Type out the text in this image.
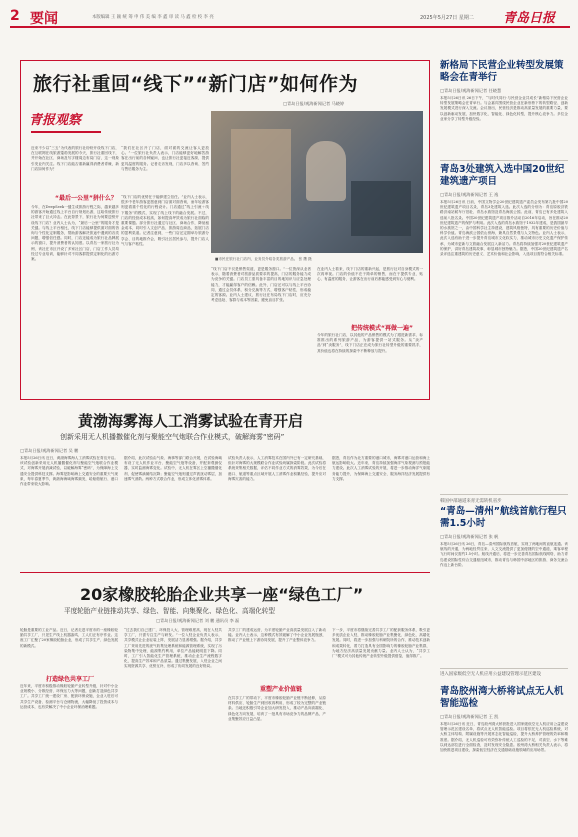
2 要闻	本版编辑 王 颖 统 筹 申 伟 美 编 李 鑫 审 读 马 鑫 检 校 李 亮	2025年5月27日 星期二 青岛日报
旅行社重回“线下”“新门店”如何作为
□青岛日报/观海新闻记者 马晓婷
青报观察
近来不少以“三五”为代表的旅行社纷纷开设线下门店，在互联网在线旅游蓬勃发展的今天，旅行社重回线下，并开始在社区、商场及写字楼周边布局门店，这一现象引发业内关注。线下门店能否重新赢得消费者青睐，新门店如何作为？
“我们在社区开了门店，面对面的交流让客人更放心。”一位旅行社负责人表示，门店能够更好地解答游客在出行前的各种疑问，也让旅行社更接近客源，提供更具温度的服务。记者走访发现，门店多以咨询、签约与售后服务为主。
“最后一公里”拼什么？
今年，在DeepSeek一键生成旅游行程之际，越来越多的游客开始通过线上平台自行规划出游，这给传统旅行社带来了巨大冲击。在此背景下，旅行社为何要逆势开设线下门店？业内人士认为，“最后一公里”的服务才是关键。与线上平台相比，线下门店能够提供面对面的咨询与个性化定制服务，帮助游客解决旅途中遇到的各类问题，增强信任感。同时，门店还能成为旅行社品牌展示的窗口，提升消费者的认知度。以青岛一家旅行社为例，该社在市区开设了多家社区门店，门店工作人员均经过专业培训，能够针对不同客群提供定制化的出游方案。
“线下门店的优势在于能够建立信任。”业内人士表示，很多中老年游客更愿意到门店面对面咨询，而年轻游客则更看重个性化的行程设计。门店通过“线上引流＋线下服务”的模式，实现了线上线下的融合发展。不过，门店的经营成本较高，如何提高坪效成为旅行社面临的重要课题。部分旅行社通过与社区、商场合作，降低租金成本，同时引入文创产品、旅游周边商品，拓展门店的盈利渠道。记者注意到，一些门店还定期举办旅游分享会、目的地推介会，吸引社区居民参与，提升门店人气与客户粘性。
■市民在旅行社门店内，业务员介绍各类旅游产品。 张 鹰 摄
“线下门店不仅是销售渠道，更是服务窗口。”一位资深从业者表示，随着消费者对旅游品质要求的提高，门店的服务能力成为竞争的关键。门店员工需具备丰富的目的地知识与应急处理能力，才能赢得客户的信赖。此外，门店还可以与线上平台协同，通过会员体系、积分兑换等方式，增强客户粘性，形成稳定的客源。业内人士建议，旅行社在布局线下门店时，应充分考虑选址、客群与成本等因素，避免盲目扩张。
把传统模式“再做一遍”
在业内人士看来，线下门店的重新兴起，是旅行社对自身模式的一次再审视。门店的价值不在于简单的销售，而在于提供专业、贴心、有温度的服务，让游客在出行前后都能感受到安心与便利。
今年的旅行社门店，以其他的产品销售的模式为了跟进新需求、标准推出的系列旅游产品，为游客提供一站式服务。从“卖产品”到“卖服务”，线下门店正在成为旅行社转型升级的重要抓手，其价值也将在持续的探索中不断释放与提升。
新格局下民营企业转型发展策略会在青举行
□青岛日报/观海新闻记者 任晓慧
本报5月26日讯 26日下午，“与时代同行·与民营企业共成长”新格局下民营企业转型发展策略会在青举行。与会嘉宾围绕民营企业在新形势下的转型路径、创新发展模式进行深入交流。会议指出，民营经济是推动高质量发展的重要力量，要以创新驱动发展，加快数字化、智能化、绿色化转型，提升核心竞争力。多位企业家分享了转型升级经验。
青岛3处建筑入选中国20世纪建筑遗产项目
□青岛日报/观海新闻记者 王 逸
本报5月26日讯 日前，中国文物学会20世纪建筑遗产委员会发布第九批中国20世纪建筑遗产项目名录，青岛3处建筑入选。此次入选的分别为：青岛原胶济铁路济南站候车厅旧址、青岛水族馆及青岛海滨公园。此前，青岛已有多处建筑入选前八批名录。中国20世纪建筑遗产项目推介活动自2016年启动，旨在推动20世纪建筑遗产的保护与利用。此次入选的青岛水族馆于1932年建成，是我国最早的水族馆之一，由中国科学社主持建设，建筑风格独特，具有重要的历史价值与科学价值。青岛海滨公园依山傍海，兼具自然景观与人文特色。业内人士表示，此次入选有助于进一步提升青岛城市文化软实力，推动城市历史文化遗产保护传承，为城市更新与文旅融合发展注入新活力。青岛将持续加强对20世纪建筑遗产的保护，讲好青岛建筑故事，彰显城市独特魅力。据悉，中国20世纪建筑遗产名录评选注重建筑的历史意义、艺术价值和社会影响，入选项目需符合相关标准。
韩国中部通道来青无需转机省步
“青岛—清州”航线首航行程只需1.5小时
□青岛日报/观海新闻记者 张 帆
本报5月26日讯 26日，青岛—清州国际航线首航，实现了两地间的直航连通。该航线的开通，为两地经贸往来、人文交流提供了更加便捷的空中通道，乘客单程飞行时间仅需约1.5小时。航线开通后，将进一步完善青岛国际航线网络，助力青岛建设国际性综合交通枢纽城市，推动青岛与韩国中部地区的旅游、商务交流合作迈上新台阶。
进入国家级低空无人机应用公益建设管理示范区建设
青岛胶州湾大桥将试点无人机智能巡检
□青岛日报/观海新闻记者 王 凯
本报5月26日讯 近日，青岛胶州湾大桥获批进入国家级低空无人机应用公益建设管理示范区建设名单，将试点无人机智能巡检。项目将依托无人机巡检系统，对大桥主体结构、附属设施等开展常态化智能巡检，提升大桥养护管理的效率和精准度。据介绍，无人机巡检可有效弥补传统人工巡检的不足，对高空、水下等难以到达部位进行全面检查，及时发现安全隐患。胶州湾大桥相关负责人表示，将加快推进项目建设，探索低空经济在交通基础设施领域的应用场景。
黄渤海雾海人工消雾试验在青开启
创新采用无人机播撒催化剂与聚能空气炮联合作业模式，破解海雾“密码”
□青岛日报/观海新闻记者 吴 鹏
本报5月26日讯 近日，黄渤海雾海人工消雾试验在青岛开启。该试验创新采用无人机播撒催化剂与聚能空气炮联合作业模式，对海雾开展消减试验，以破解海雾“密码”，为保障海上交通安全提供科技支撑。海雾是影响海上交通安全的重要天气现象，每年春夏季节，黄渤海海域海雾频发，给船舶航行、港口作业带来较大影响。
据介绍，此次试验由气象、海事等部门联合开展，在试验海域布设了无人机作业平台、聚能空气炮等设备，并配套观测仪器，实时监测海雾变化。试验中，无人机在雾区上空播撒催化剂，促使雾滴凝结沉降；聚能空气炮则通过声波扰动雾层，加速雾气消散。两种方式联合作业，形成立体化消雾体系。
试验负责人表示，人工消雾技术在国内外已有一定研究基础，但针对海雾的大规模联合作业试验尚属探索阶段。此次试验将系统采集相关数据，评估不同作业方式的消雾效果，为今后在港口、航道等重点区域开展人工消雾作业积累经验，提升应对海雾灾害的能力。
据悉，青岛作为北方重要的港口城市，海雾对港口运营和海上航运影响较大。近年来，青岛持续加强海洋气象观测与预报能力建设。此次人工消雾试验的开展，将进一步推动海洋气象服务能力提升，为保障海上交通安全、服务海洋经济发展提供有力支撑。
20家橡胶轮胎企业共享一座“绿色工厂”
平度轮胎产业链推动共享、绿色、智能、向集聚化、绿色化、高端化转型
□青岛日报/观海新闻记者 刘 鹏 通讯员 李 磊
轮胎是重要的工业产品。近日，记者走进平度市的一座橡胶轮胎共享工厂，只见生产线上机器轰鸣，工人们正有序作业。这座工厂汇聚了20家橡胶轮胎企业，形成了共享生产、绿色发展的新模式。
打造绿色共享工厂
近年来，平度市积极推动橡胶轮胎产业转型升级，针对中小企业规模小、分散经营、环保压力大等问题，创新打造绿色共享工厂。共享工厂统一建设厂房、配套环保设施，企业入驻后可共享生产设备、检测平台与仓储物流，大幅降低了投资成本与运营成本，也有效解决了中小企业环保治理难题。
“过去我们自己建厂，环保投入大、管理难度高，现在入驻共享工厂，只需专注生产与研发。”一位入驻企业负责人表示，共享模式让企业轻装上阵，发展活力显著增强。据介绍，共享工厂采用先进的废气收集处理系统和能源管理系统，实现了污染物集中处理、能源集约利用，单位产品能耗明显下降。同时，工厂引入智能化生产管理系统，推动企业生产流程数字化，提高生产效率和产品质量。通过集聚发展，入驻企业之间实现资源共享、优势互补，形成了协同发展的良好格局。
重塑产业价值链
共享工厂的建成运营，为平度轮胎产业高质量发展注入了新动能。业内人士表示，这种模式有效破解了中小企业发展瓶颈，推动了产业链上下游协同发展，提升了产业整体竞争力。
在共享工厂的带动下，平度市橡胶轮胎产业链不断延伸，从原材料供应、轮胎生产到回收再利用，形成了较为完整的产业链条。当地还积极引导企业加大研发投入，推动产品向高端化、绿色化方向发展，培育了一批具有市场竞争力的品牌产品，产业集聚效应日益凸显。
下一步，平度市将继续完善共享工厂的配套服务体系，吸引更多优质企业入驻，推动橡胶轮胎产业集聚化、绿色化、高端化发展。同时，将进一步加强与科研院所的合作，推动技术创新和成果转化，着力打造具有全国影响力的橡胶轮胎产业集群，为地方经济高质量发展贡献力量。业内人士认为，“共享工厂”模式可为其他传统产业转型升级提供借鉴，值得推广。
